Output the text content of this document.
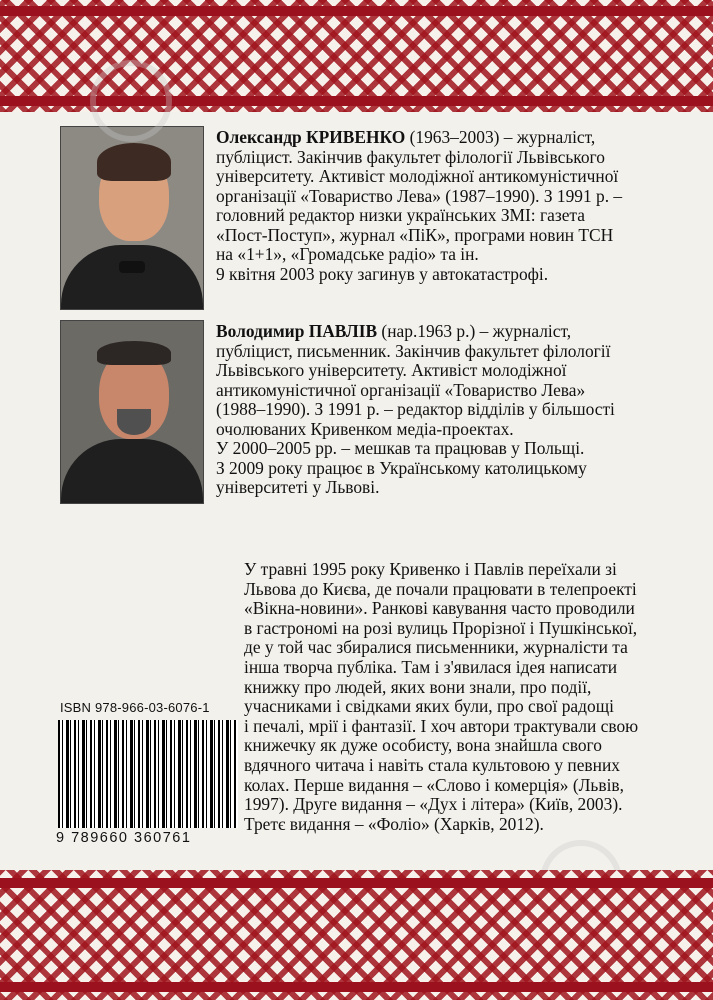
Олександр КРИВЕНКО (1963–2003) – журналіст,
публіцист. Закінчив факультет філології Львівського
університету. Активіст молодіжної антикомуністичної
організації «Товариство Лева» (1987–1990). З 1991 р. –
головний редактор низки українських ЗМІ: газета
«Пост-Поступ», журнал «ПіК», програми новин ТСН
на «1+1», «Громадське радіо» та ін.
9 квітня 2003 року загинув у автокатастрофі.
Володимир ПАВЛІВ (нар.1963 р.) – журналіст,
публіцист, письменник. Закінчив факультет філології
Львівського університету. Активіст молодіжної
антикомуністичної організації «Товариство Лева»
(1988–1990). З 1991 р. – редактор відділів у більшості
очолюваних Кривенком медіа-проектах.
У 2000–2005 рр. – мешкав та працював у Польщі.
З 2009 року працює в Українському католицькому
університеті у Львові.
У травні 1995 року Кривенко і Павлів переїхали зі
Львова до Києва, де почали працювати в телепроекті
«Вікна-новини». Ранкові кавування часто проводили
в гастрономі на розі вулиць Прорізної і Пушкінської,
де у той час збиралися письменники, журналісти та
інша творча публіка. Там і з'явилася ідея написати
книжку про людей, яких вони знали, про події,
учасниками і свідками яких були, про свої радощі
і печалі, мрії і фантазії. І хоч автори трактували свою
книжечку як дуже особисту, вона знайшла свого
вдячного читача і навіть стала культовою у певних
колах. Перше видання – «Слово і комерція» (Львів,
1997). Друге видання – «Дух і літера» (Київ, 2003).
Третє видання – «Фоліо» (Харків, 2012).
ISBN 978-966-03-6076-1
9 789660 360761
